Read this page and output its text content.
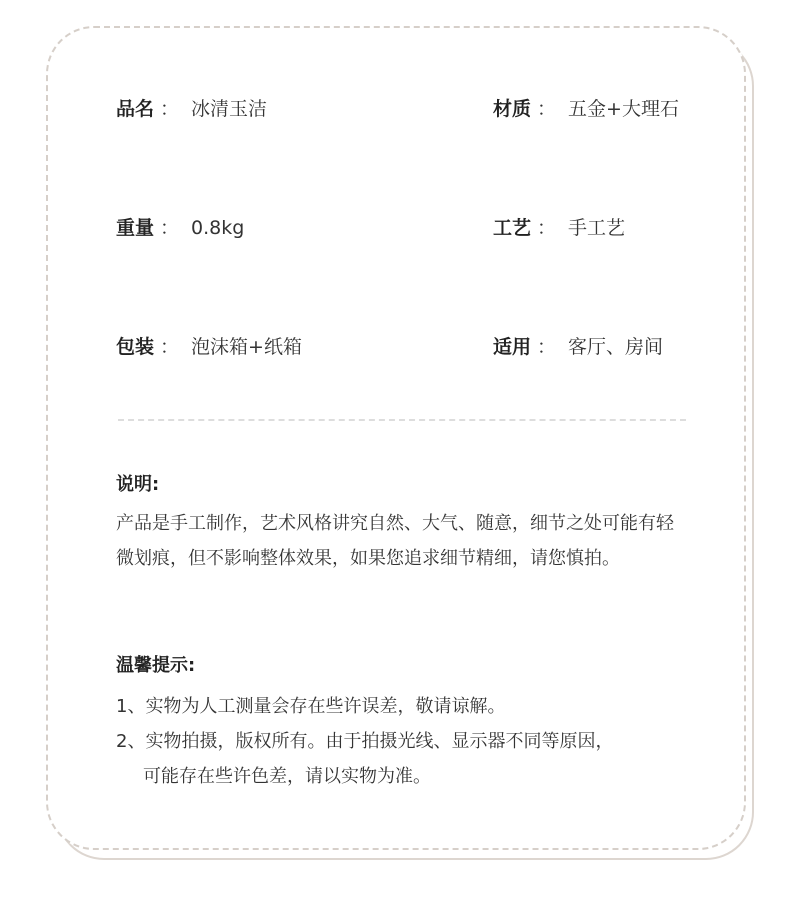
品名 ： 冰清玉洁	材质 ： 五金+大理石
重量 ： 0.8kg	工艺 ： 手工艺
包装 ： 泡沫箱+纸箱	适用 ： 客厅、房间
说明:
产品是手工制作，艺术风格讲究自然、大气、随意，细节之处可能有轻微划痕，但不影响整体效果，如果您追求细节精细，请您慎拍。
温馨提示:
1、实物为人工测量会存在些许误差，敬请谅解。
2、实物拍摄，版权所有。由于拍摄光线、显示器不同等原因，
可能存在些许色差，请以实物为准。
